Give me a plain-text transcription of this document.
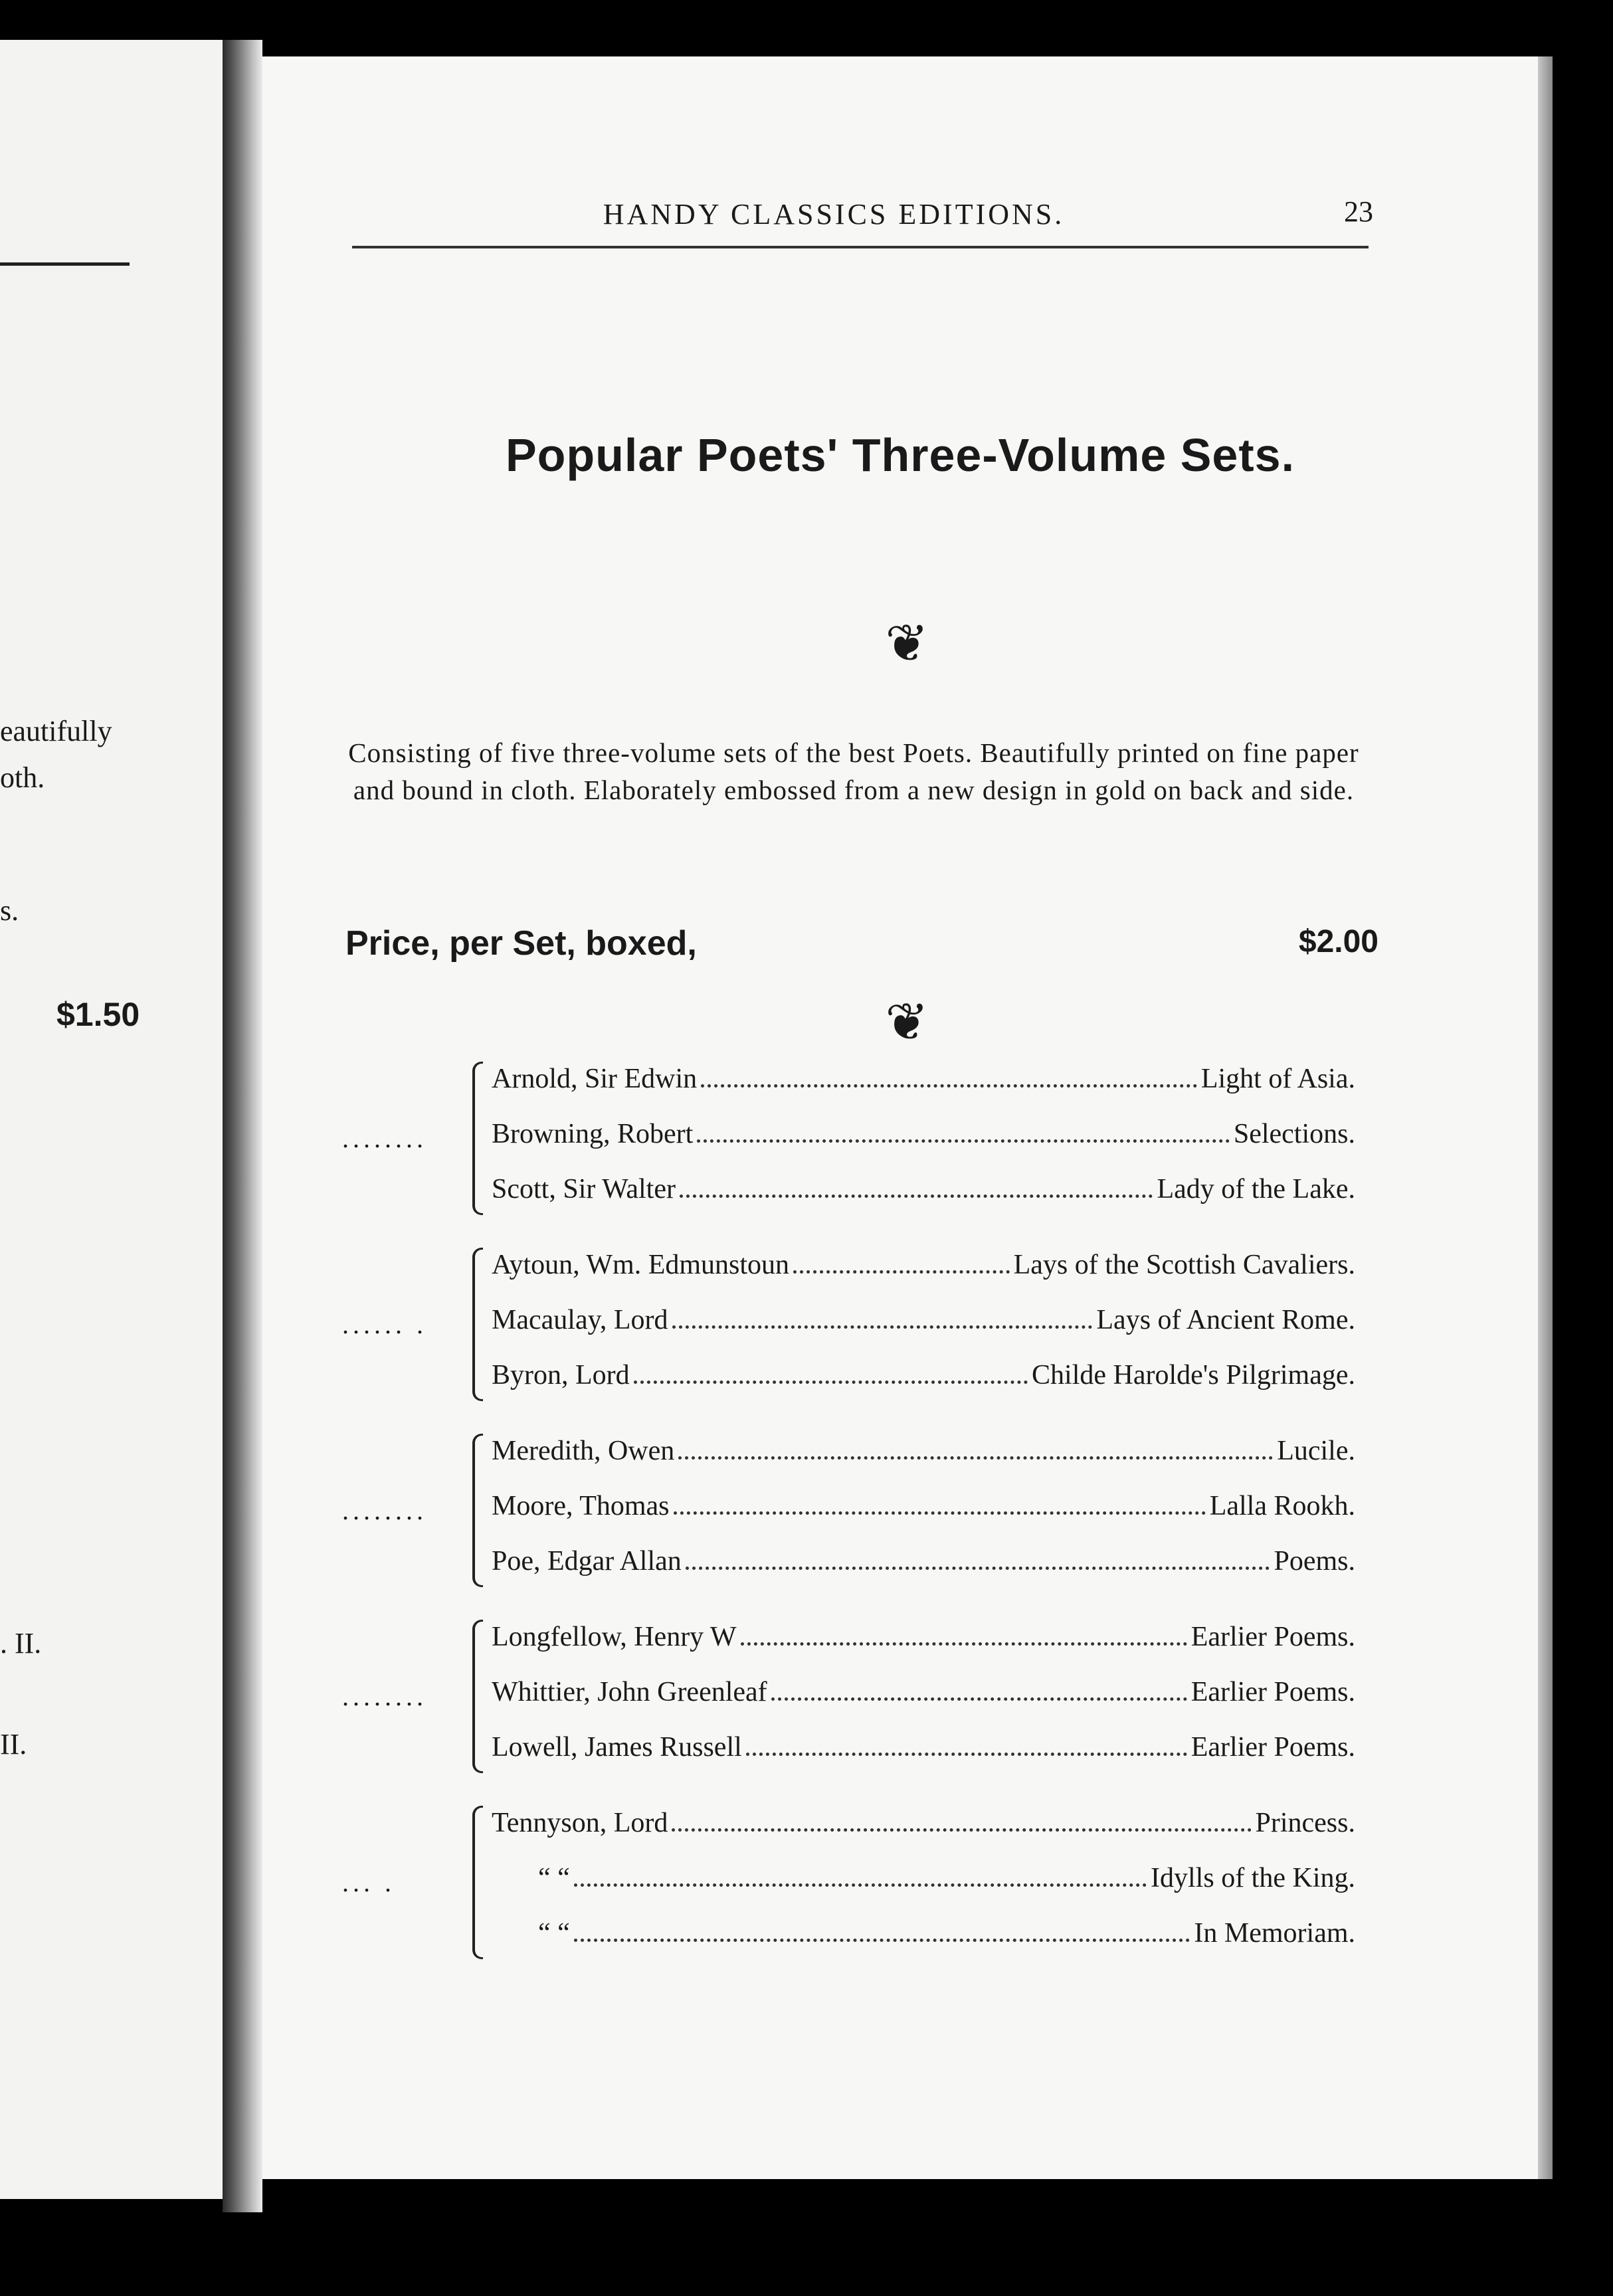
eautifully
oth.
s.
$1.50
. II.
II.
HANDY CLASSICS EDITIONS.	23
Popular Poets' Three-Volume Sets.
❦
Consisting of five three-volume sets of the best Poets. Beautifully printed on fine paper and bound in cloth. Elaborately embossed from a new design in gold on back and side.
Price, per Set, boxed,	$2.00
❦
........
Arnold, Sir Edwin	Light of Asia.
Browning, Robert	Selections.
Scott, Sir Walter	Lady of the Lake.
...... .
Aytoun, Wm. Edmunstoun	Lays of the Scottish Cavaliers.
Macaulay, Lord	Lays of Ancient Rome.
Byron, Lord	Childe Harolde's Pilgrimage.
........
Meredith, Owen	Lucile.
Moore, Thomas	Lalla Rookh.
Poe, Edgar Allan	Poems.
........
Longfellow, Henry W	Earlier Poems.
Whittier, John Greenleaf	Earlier Poems.
Lowell, James Russell	Earlier Poems.
... .
Tennyson, Lord	Princess.
“ “	Idylls of the King.
“ “	In Memoriam.
